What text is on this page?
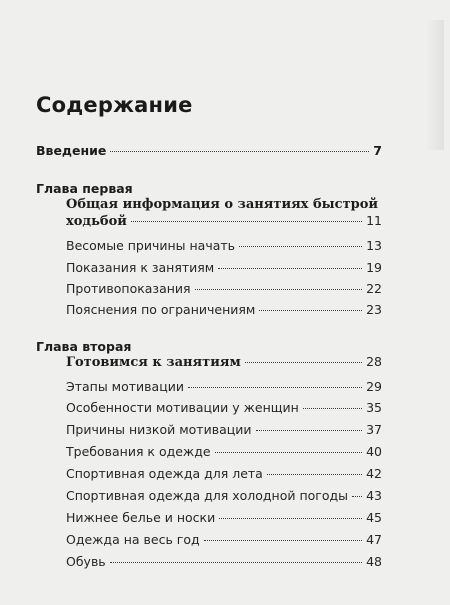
Содержание
Введение	7
Глава первая
Общая информация о занятиях быстрой
ходьбой	11
Весомые причины начать	13
Показания к занятиям	19
Противопоказания	22
Пояснения по ограничениям	23
Глава вторая
Готовимся к занятиям	28
Этапы мотивации	29
Особенности мотивации у женщин	35
Причины низкой мотивации	37
Требования к одежде	40
Спортивная одежда для лета	42
Спортивная одежда для холодной погоды 43
Нижнее белье и носки	45
Одежда на весь год	47
Обувь	48
